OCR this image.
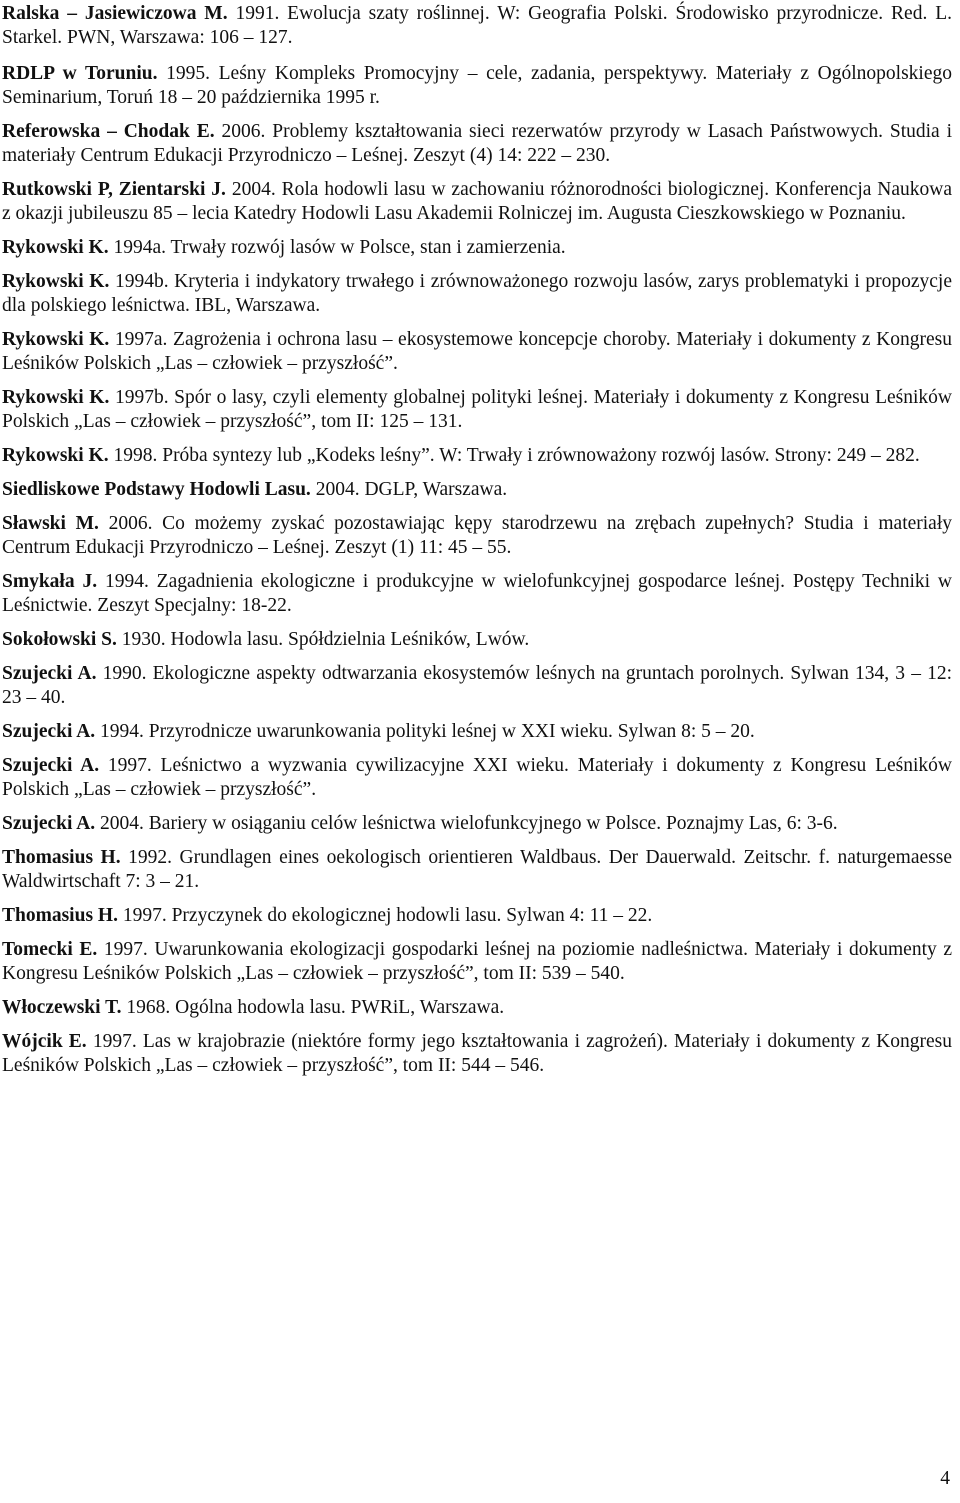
Ralska – Jasiewiczowa M. 1991. Ewolucja szaty roślinnej. W: Geografia Polski. Środowisko przyrodnicze. Red. L. Starkel. PWN, Warszawa: 106 – 127.

RDLP w Toruniu. 1995. Leśny Kompleks Promocyjny – cele, zadania, perspektywy. Materiały z Ogólnopolskiego Seminarium, Toruń 18 – 20 października 1995 r.

Referowska – Chodak E. 2006. Problemy kształtowania sieci rezerwatów przyrody w Lasach Państwowych. Studia i materiały Centrum Edukacji Przyrodniczo – Leśnej. Zeszyt (4) 14: 222 – 230.

Rutkowski P, Zientarski J. 2004. Rola hodowli lasu w zachowaniu różnorodności biologicznej. Konferencja Naukowa z okazji jubileuszu 85 – lecia Katedry Hodowli Lasu Akademii Rolniczej im. Augusta Cieszkowskiego w Poznaniu.

Rykowski K. 1994a. Trwały rozwój lasów w Polsce, stan i zamierzenia.

Rykowski K. 1994b. Kryteria i indykatory trwałego i zrównoważonego rozwoju lasów, zarys problematyki i propozycje dla polskiego leśnictwa. IBL, Warszawa.

Rykowski K. 1997a. Zagrożenia i ochrona lasu – ekosystemowe koncepcje choroby. Materiały i dokumenty z Kongresu Leśników Polskich „Las – człowiek – przyszłość”.

Rykowski K. 1997b. Spór o lasy, czyli elementy globalnej polityki leśnej. Materiały i dokumenty z Kongresu Leśników Polskich „Las – człowiek – przyszłość”, tom II: 125 – 131.

Rykowski K. 1998. Próba syntezy lub „Kodeks leśny”. W: Trwały i zrównoważony rozwój lasów. Strony: 249 – 282.

Siedliskowe Podstawy Hodowli Lasu. 2004. DGLP, Warszawa.

Sławski M. 2006. Co możemy zyskać pozostawiając kępy starodrzewu na zrębach zupełnych? Studia i materiały Centrum Edukacji Przyrodniczo – Leśnej. Zeszyt (1) 11: 45 – 55.

Smykała J. 1994. Zagadnienia ekologiczne i produkcyjne w wielofunkcyjnej gospodarce leśnej. Postępy Techniki w Leśnictwie. Zeszyt Specjalny: 18-22.

Sokołowski S. 1930. Hodowla lasu. Spółdzielnia Leśników, Lwów.

Szujecki A. 1990. Ekologiczne aspekty odtwarzania ekosystemów leśnych na gruntach porolnych. Sylwan 134, 3 – 12: 23 – 40.

Szujecki A. 1994. Przyrodnicze uwarunkowania polityki leśnej w XXI wieku. Sylwan 8: 5 – 20.

Szujecki A. 1997. Leśnictwo a wyzwania cywilizacyjne XXI wieku. Materiały i dokumenty z Kongresu Leśników Polskich „Las – człowiek – przyszłość”.

Szujecki A. 2004. Bariery w osiąganiu celów leśnictwa wielofunkcyjnego w Polsce. Poznajmy Las, 6: 3-6.

Thomasius H. 1992. Grundlagen eines oekologisch orientieren Waldbaus. Der Dauerwald. Zeitschr. f. naturgemaesse Waldwirtschaft 7: 3 – 21.

Thomasius H. 1997. Przyczynek do ekologicznej hodowli lasu. Sylwan 4: 11 – 22.

Tomecki E. 1997. Uwarunkowania ekologizacji gospodarki leśnej na poziomie nadleśnictwa. Materiały i dokumenty z Kongresu Leśników Polskich „Las – człowiek – przyszłość”, tom II: 539 – 540.

Włoczewski T. 1968. Ogólna hodowla lasu. PWRiL, Warszawa.

Wójcik E. 1997. Las w krajobrazie (niektóre formy jego kształtowania i zagrożeń). Materiały i dokumenty z Kongresu Leśników Polskich „Las – człowiek – przyszłość”, tom II: 544 – 546.

4
